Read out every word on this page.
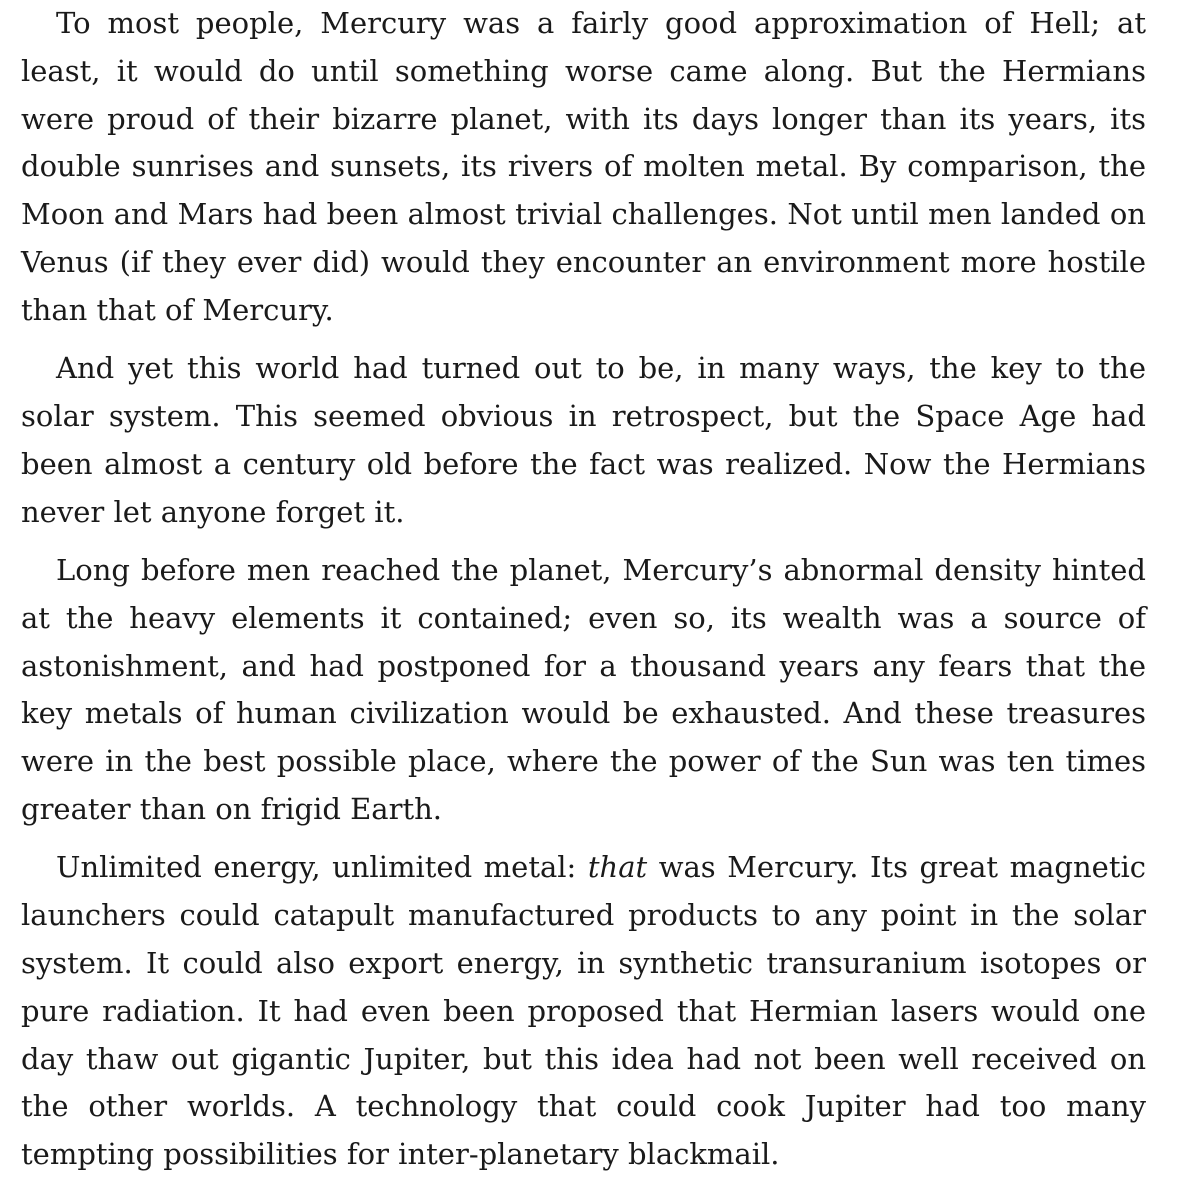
To most people, Mercury was a fairly good approximation of Hell; at least, it would do until something worse came along. But the Hermians were proud of their bizarre planet, with its days longer than its years, its double sunrises and sunsets, its rivers of molten metal. By comparison, the Moon and Mars had been almost trivial challenges. Not until men landed on Venus (if they ever did) would they encounter an environment more hostile than that of Mercury.

And yet this world had turned out to be, in many ways, the key to the solar system. This seemed obvious in retrospect, but the Space Age had been almost a century old before the fact was realized. Now the Hermians never let anyone forget it.

Long before men reached the planet, Mercury’s abnormal density hinted at the heavy elements it contained; even so, its wealth was a source of astonishment, and had postponed for a thousand years any fears that the key metals of human civilization would be exhausted. And these treasures were in the best possible place, where the power of the Sun was ten times greater than on frigid Earth.

Unlimited energy, unlimited metal: that was Mercury. Its great magnetic launchers could catapult manufactured products to any point in the solar system. It could also export energy, in synthetic transuranium isotopes or pure radiation. It had even been proposed that Hermian lasers would one day thaw out gigantic Jupiter, but this idea had not been well received on the other worlds. A technology that could cook Jupiter had too many tempting possibilities for inter-planetary blackmail.
